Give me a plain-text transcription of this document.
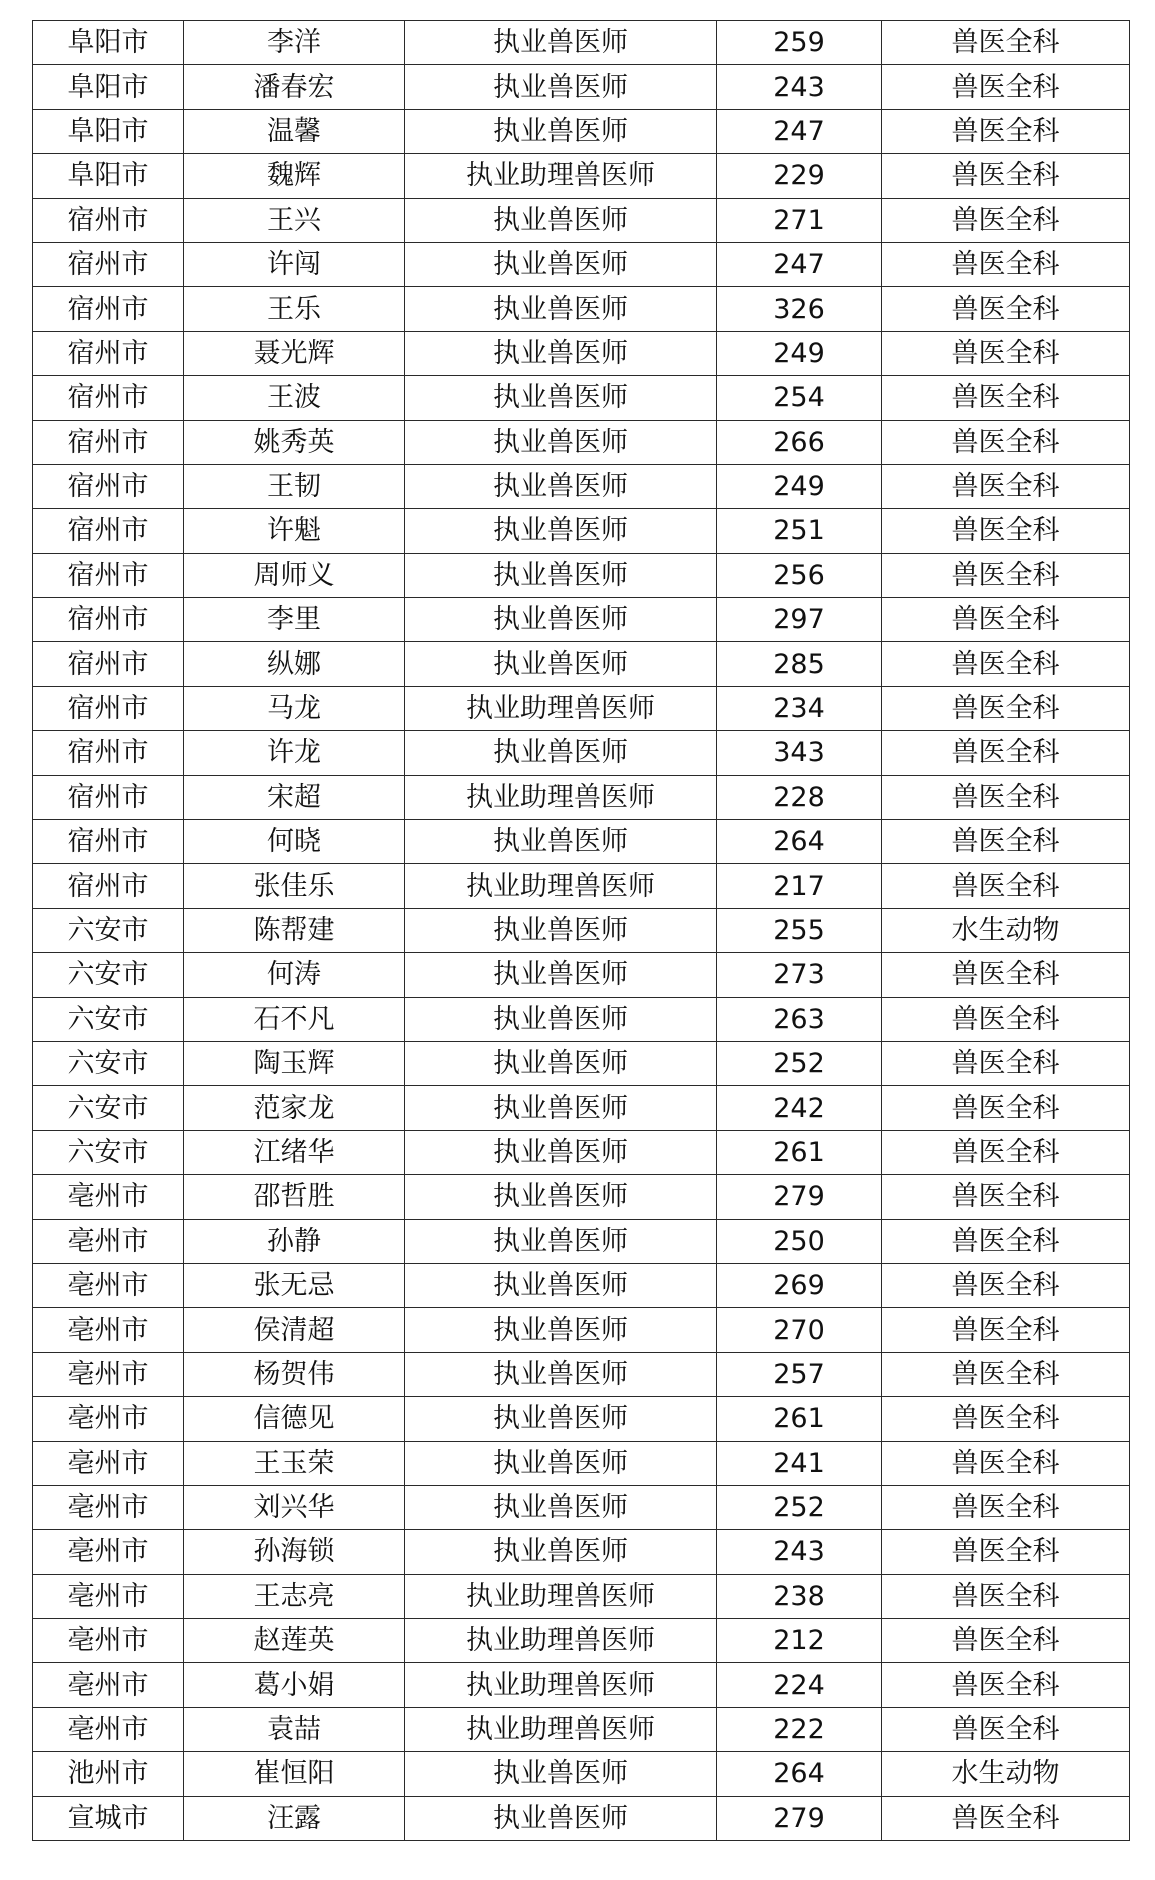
阜阳市	李洋	执业兽医师	259	兽医全科
阜阳市	潘春宏	执业兽医师	243	兽医全科
阜阳市	温馨	执业兽医师	247	兽医全科
阜阳市	魏辉	执业助理兽医师	229	兽医全科
宿州市	王兴	执业兽医师	271	兽医全科
宿州市	许闯	执业兽医师	247	兽医全科
宿州市	王乐	执业兽医师	326	兽医全科
宿州市	聂光辉	执业兽医师	249	兽医全科
宿州市	王波	执业兽医师	254	兽医全科
宿州市	姚秀英	执业兽医师	266	兽医全科
宿州市	王韧	执业兽医师	249	兽医全科
宿州市	许魁	执业兽医师	251	兽医全科
宿州市	周师义	执业兽医师	256	兽医全科
宿州市	李里	执业兽医师	297	兽医全科
宿州市	纵娜	执业兽医师	285	兽医全科
宿州市	马龙	执业助理兽医师	234	兽医全科
宿州市	许龙	执业兽医师	343	兽医全科
宿州市	宋超	执业助理兽医师	228	兽医全科
宿州市	何晓	执业兽医师	264	兽医全科
宿州市	张佳乐	执业助理兽医师	217	兽医全科
六安市	陈帮建	执业兽医师	255	水生动物
六安市	何涛	执业兽医师	273	兽医全科
六安市	石不凡	执业兽医师	263	兽医全科
六安市	陶玉辉	执业兽医师	252	兽医全科
六安市	范家龙	执业兽医师	242	兽医全科
六安市	江绪华	执业兽医师	261	兽医全科
亳州市	邵哲胜	执业兽医师	279	兽医全科
亳州市	孙静	执业兽医师	250	兽医全科
亳州市	张无忌	执业兽医师	269	兽医全科
亳州市	侯清超	执业兽医师	270	兽医全科
亳州市	杨贺伟	执业兽医师	257	兽医全科
亳州市	信德见	执业兽医师	261	兽医全科
亳州市	王玉荣	执业兽医师	241	兽医全科
亳州市	刘兴华	执业兽医师	252	兽医全科
亳州市	孙海锁	执业兽医师	243	兽医全科
亳州市	王志亮	执业助理兽医师	238	兽医全科
亳州市	赵莲英	执业助理兽医师	212	兽医全科
亳州市	葛小娟	执业助理兽医师	224	兽医全科
亳州市	袁喆	执业助理兽医师	222	兽医全科
池州市	崔恒阳	执业兽医师	264	水生动物
宣城市	汪露	执业兽医师	279	兽医全科
